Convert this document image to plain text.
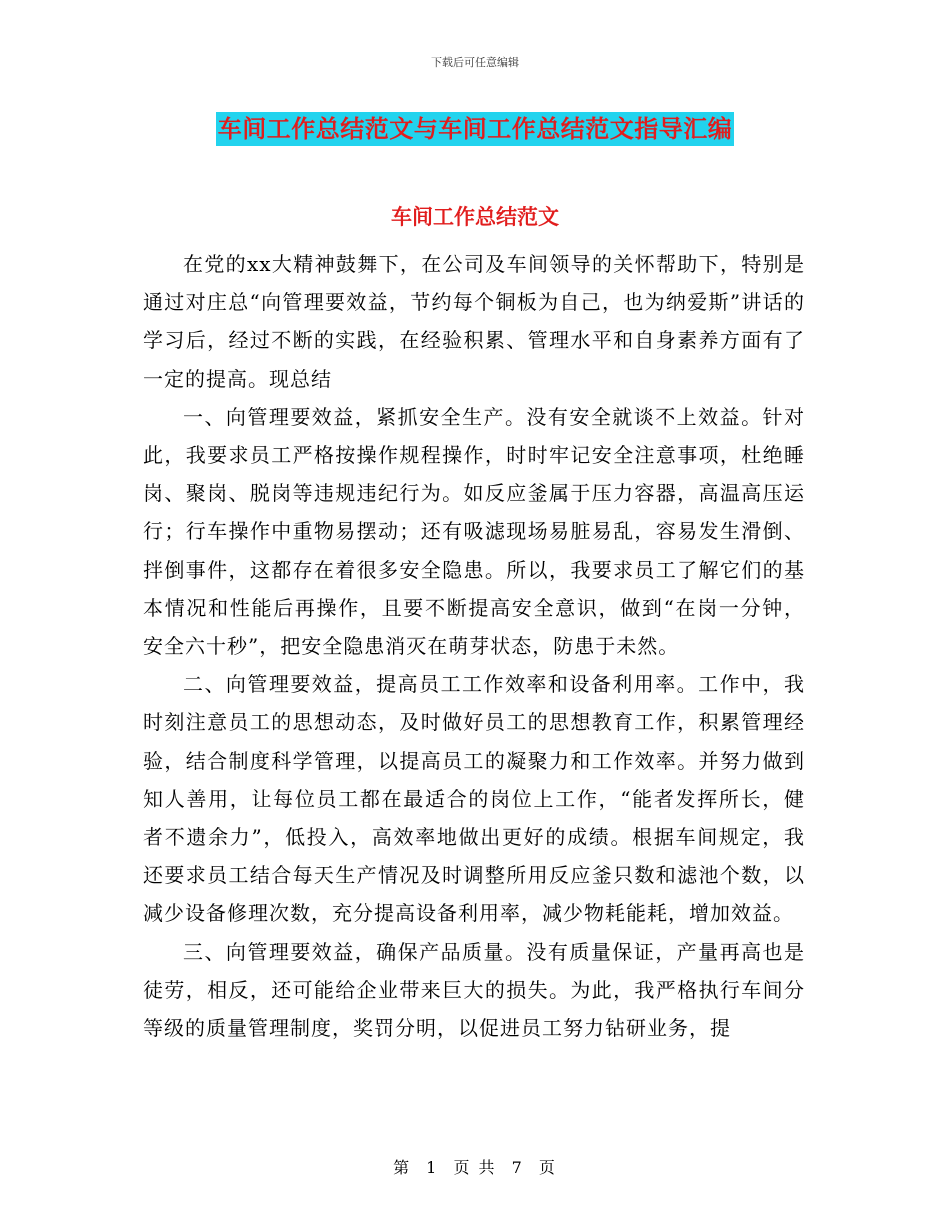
下载后可任意编辑
车间工作总结范文与车间工作总结范文指导汇编
车间工作总结范文

在党的xx大精神鼓舞下，在公司及车间领导的关怀帮助下，特别是通过对庄总“向管理要效益，节约每个铜板为自己，也为纳爱斯”讲话的学习后，经过不断的实践，在经验积累、管理水平和自身素养方面有了一定的提高。现总结

一、向管理要效益，紧抓安全生产。没有安全就谈不上效益。针对此，我要求员工严格按操作规程操作，时时牢记安全注意事项，杜绝睡岗、聚岗、脱岗等违规违纪行为。如反应釜属于压力容器，高温高压运行；行车操作中重物易摆动；还有吸滤现场易脏易乱，容易发生滑倒、拌倒事件，这都存在着很多安全隐患。所以，我要求员工了解它们的基本情况和性能后再操作，且要不断提高安全意识，做到“在岗一分钟，安全六十秒”，把安全隐患消灭在萌芽状态，防患于未然。

二、向管理要效益，提高员工工作效率和设备利用率。工作中，我时刻注意员工的思想动态，及时做好员工的思想教育工作，积累管理经验，结合制度科学管理，以提高员工的凝聚力和工作效率。并努力做到知人善用，让每位员工都在最适合的岗位上工作，“能者发挥所长，健者不遗余力”，低投入，高效率地做出更好的成绩。根据车间规定，我还要求员工结合每天生产情况及时调整所用反应釜只数和滤池个数，以减少设备修理次数，充分提高设备利用率，减少物耗能耗，增加效益。

三、向管理要效益，确保产品质量。没有质量保证，产量再高也是徒劳，相反，还可能给企业带来巨大的损失。为此，我严格执行车间分等级的质量管理制度，奖罚分明，以促进员工努力钻研业务，提

第 1 页 共 7 页
